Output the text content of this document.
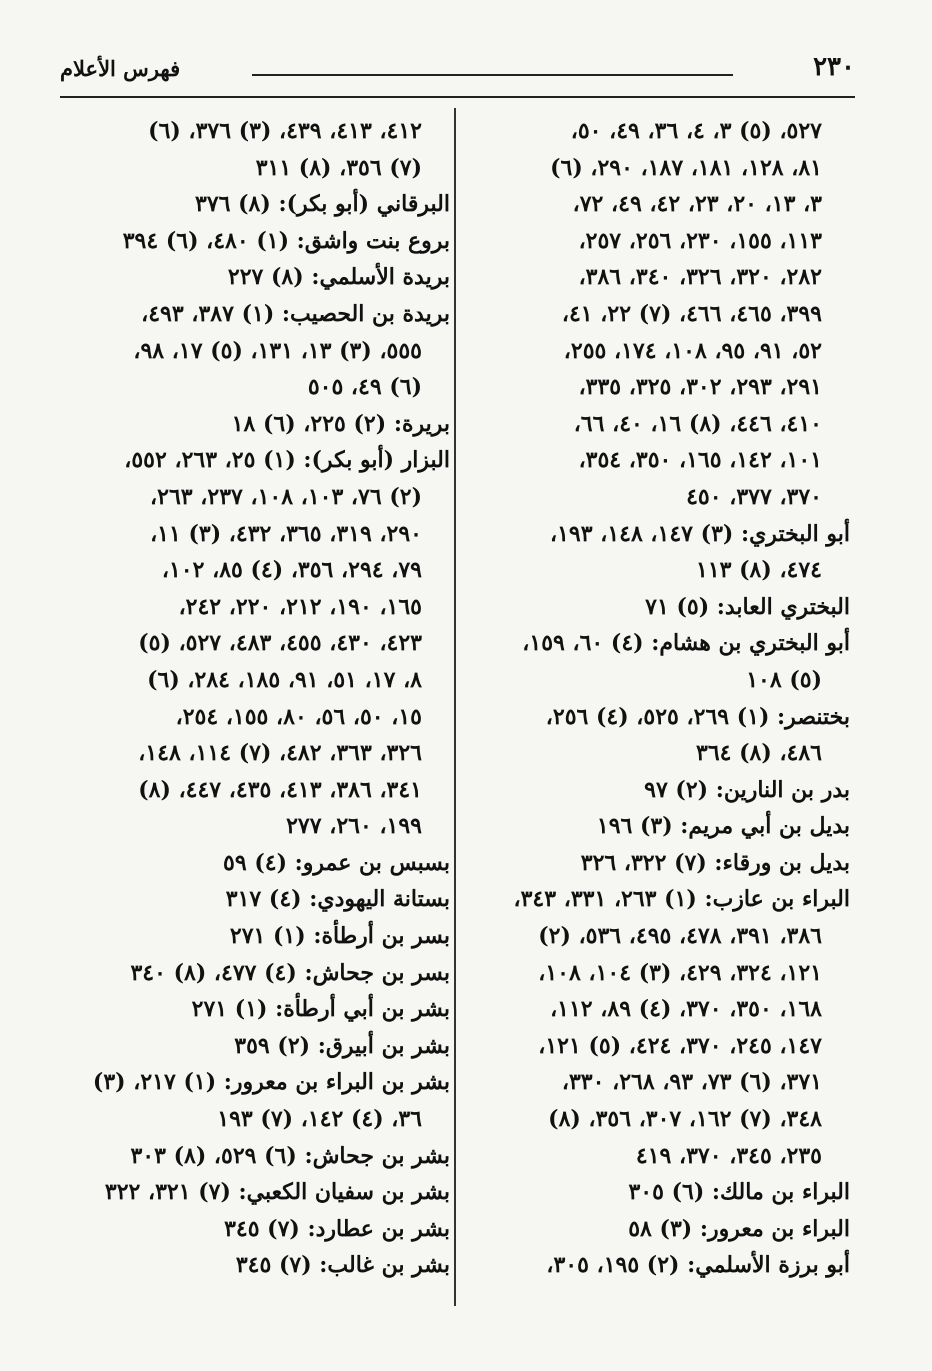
٢٣٠
فهرس الأعلام
٥٢٧، (٥) ٣، ٤، ٣٦، ٤٩، ٥٠،
٨١، ١٢٨، ١٨١، ١٨٧، ٢٩٠، (٦)
٣، ١٣، ٢٠، ٢٣، ٤٢، ٤٩، ٧٢،
١١٣، ١٥٥، ٢٣٠، ٢٥٦، ٢٥٧،
٢٨٢، ٣٢٠، ٣٢٦، ٣٤٠، ٣٨٦،
٣٩٩، ٤٦٥، ٤٦٦، (٧) ٢٢، ٤١،
٥٢، ٩١، ٩٥، ١٠٨، ١٧٤، ٢٥٥،
٢٩١، ٢٩٣، ٣٠٢، ٣٢٥، ٣٣٥،
٤١٠، ٤٤٦، (٨) ١٦، ٤٠، ٦٦،
١٠١، ١٤٢، ١٦٥، ٣٥٠، ٣٥٤،
٣٧٠، ٣٧٧، ٤٥٠
أبو البختري: (٣) ١٤٧، ١٤٨، ١٩٣،
٤٧٤، (٨) ١١٣
البختري العابد: (٥) ٧١
أبو البختري بن هشام: (٤) ٦٠، ١٥٩،
(٥) ١٠٨
بختنصر: (١) ٢٦٩، ٥٢٥، (٤) ٢٥٦،
٤٨٦، (٨) ٣٦٤
بدر بن النارين: (٢) ٩٧
بديل بن أبي مريم: (٣) ١٩٦
بديل بن ورقاء: (٧) ٣٢٢، ٣٢٦
البراء بن عازب: (١) ٢٦٣، ٣٣١، ٣٤٣،
٣٨٦، ٣٩١، ٤٧٨، ٤٩٥، ٥٣٦، (٢)
١٢١، ٣٢٤، ٤٢٩، (٣) ١٠٤، ١٠٨،
١٦٨، ٣٥٠، ٣٧٠، (٤) ٨٩، ١١٢،
١٤٧، ٢٤٥، ٣٧٠، ٤٢٤، (٥) ١٢١،
٣٧١، (٦) ٧٣، ٩٣، ٢٦٨، ٣٣٠،
٣٤٨، (٧) ١٦٢، ٣٠٧، ٣٥٦، (٨)
٢٣٥، ٣٤٥، ٣٧٠، ٤١٩
البراء بن مالك: (٦) ٣٠٥
البراء بن معرور: (٣) ٥٨
أبو برزة الأسلمي: (٢) ١٩٥، ٣٠٥،
٤١٢، ٤١٣، ٤٣٩، (٣) ٣٧٦، (٦)
(٧) ٣٥٦، (٨) ٣١١
البرقاني (أبو بكر): (٨) ٣٧٦
بروع بنت واشق: (١) ٤٨٠، (٦) ٣٩٤
بريدة الأسلمي: (٨) ٢٢٧
بريدة بن الحصيب: (١) ٣٨٧، ٤٩٣،
٥٥٥، (٣) ١٣، ١٣١، (٥) ١٧، ٩٨،
(٦) ٤٩، ٥٠٥
بريرة: (٢) ٢٢٥، (٦) ١٨
البزار (أبو بكر): (١) ٢٥، ٢٦٣، ٥٥٢،
(٢) ٧٦، ١٠٣، ١٠٨، ٢٣٧، ٢٦٣،
٢٩٠، ٣١٩، ٣٦٥، ٤٣٢، (٣) ١١،
٧٩، ٢٩٤، ٣٥٦، (٤) ٨٥، ١٠٢،
١٦٥، ١٩٠، ٢١٢، ٢٢٠، ٢٤٢،
٤٢٣، ٤٣٠، ٤٥٥، ٤٨٣، ٥٢٧، (٥)
٨، ١٧، ٥١، ٩١، ١٨٥، ٢٨٤، (٦)
١٥، ٥٠، ٥٦، ٨٠، ١٥٥، ٢٥٤،
٣٢٦، ٣٦٣، ٤٨٢، (٧) ١١٤، ١٤٨،
٣٤١، ٣٨٦، ٤١٣، ٤٣٥، ٤٤٧، (٨)
١٩٩، ٢٦٠، ٢٧٧
بسبس بن عمرو: (٤) ٥٩
بستانة اليهودي: (٤) ٣١٧
بسر بن أرطأة: (١) ٢٧١
بسر بن جحاش: (٤) ٤٧٧، (٨) ٣٤٠
بشر بن أبي أرطأة: (١) ٢٧١
بشر بن أبيرق: (٢) ٣٥٩
بشر بن البراء بن معرور: (١) ٢١٧، (٣)
٣٦، (٤) ١٤٢، (٧) ١٩٣
بشر بن جحاش: (٦) ٥٢٩، (٨) ٣٠٣
بشر بن سفيان الكعبي: (٧) ٣٢١، ٣٢٢
بشر بن عطارد: (٧) ٣٤٥
بشر بن غالب: (٧) ٣٤٥
